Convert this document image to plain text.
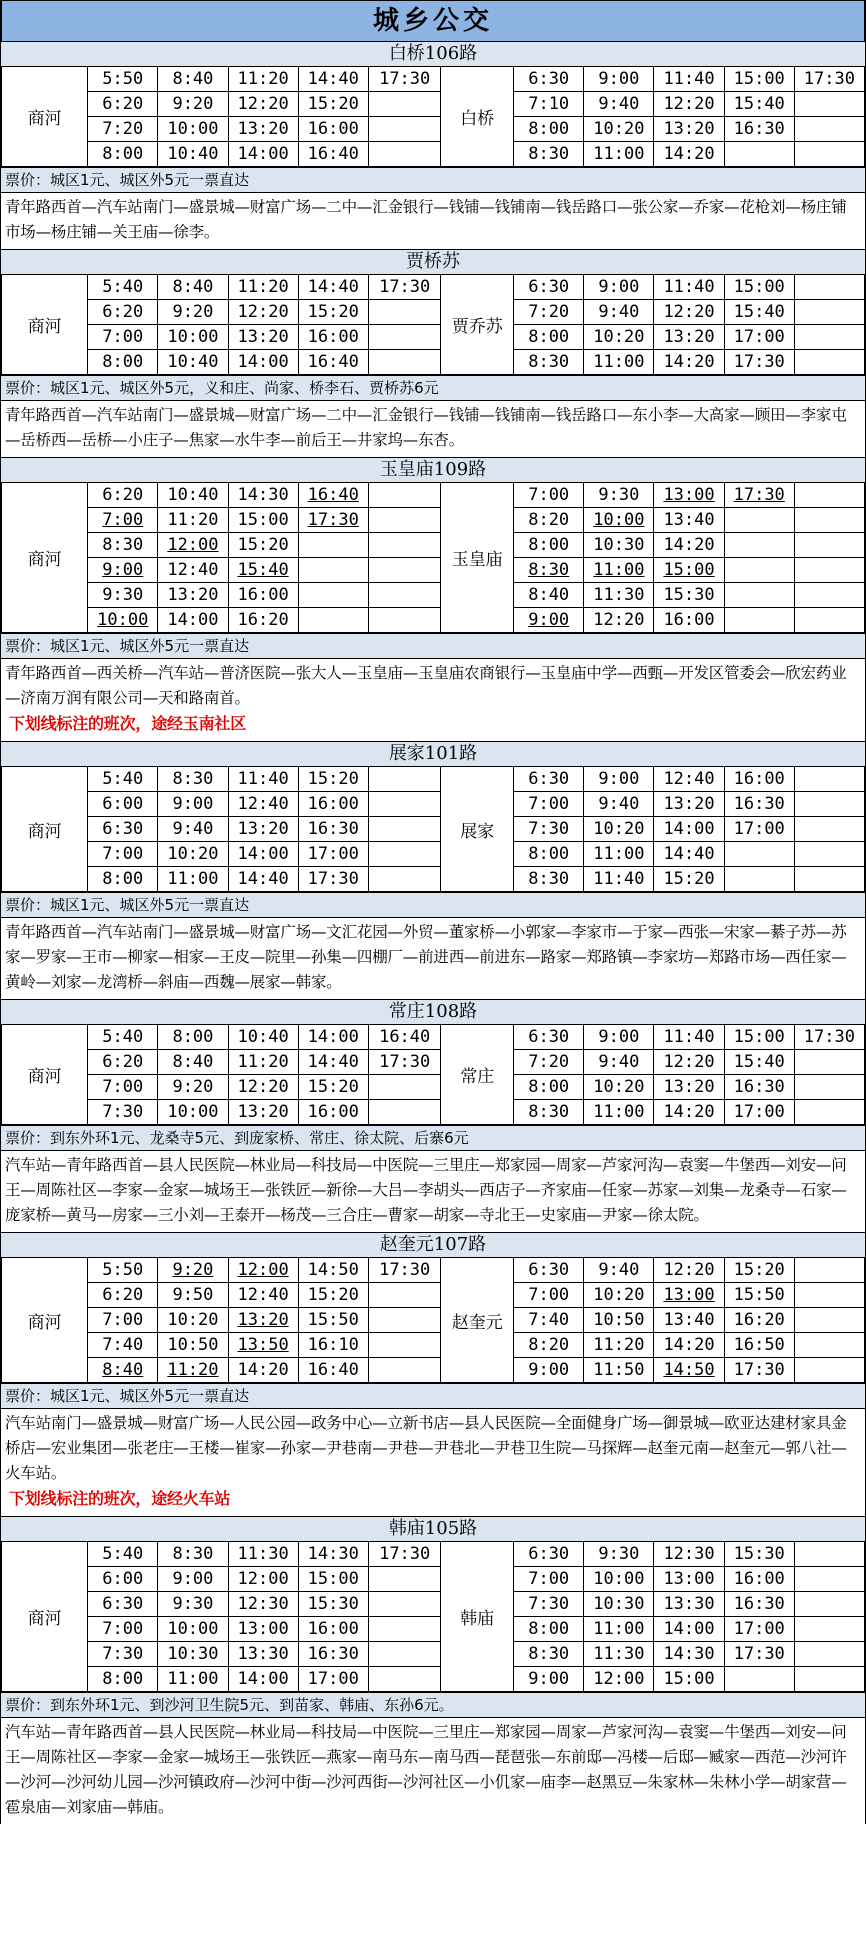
城乡公交
白桥106路
商河	5:50	8:40	11:20	14:40	17:30	白桥	6:30	9:00	11:40	15:00	17:30
	6:20	9:20	12:20	15:20			7:10	9:40	12:20	15:40	
	7:20	10:00	13:20	16:00			8:00	10:20	13:20	16:30	
	8:00	10:40	14:00	16:40			8:30	11:00	14:20		
票价：城区1元、城区外5元一票直达
青年路西首—汽车站南门—盛景城—财富广场—二中—汇金银行—钱铺—钱铺南—钱岳路口—张公家—乔家—花枪刘—杨庄铺市场—杨庄铺—关王庙—徐李。
贾桥苏
商河	5:40	8:40	11:20	14:40	17:30	贾乔苏	6:30	9:00	11:40	15:00	
	6:20	9:20	12:20	15:20			7:20	9:40	12:20	15:40	
	7:00	10:00	13:20	16:00			8:00	10:20	13:20	17:00	
	8:00	10:40	14:00	16:40			8:30	11:00	14:20	17:30	
票价：城区1元、城区外5元，义和庄、尚家、桥李石、贾桥苏6元
青年路西首—汽车站南门—盛景城—财富广场—二中—汇金银行—钱铺—钱铺南—钱岳路口—东小李—大高家—顾田—李家屯—岳桥西—岳桥—小庄子—焦家—水牛李—前后王—井家坞—东杏。
玉皇庙109路
商河	6:20	10:40	14:30	16:40		玉皇庙	7:00	9:30	13:00	17:30	
	7:00	11:20	15:00	17:30			8:20	10:00	13:40		
	8:30	12:00	15:20				8:00	10:30	14:20		
	9:00	12:40	15:40				8:30	11:00	15:00		
	9:30	13:20	16:00				8:40	11:30	15:30		
	10:00	14:00	16:20				9:00	12:20	16:00		
票价：城区1元、城区外5元一票直达
青年路西首—西关桥—汽车站—普济医院—张大人—玉皇庙—玉皇庙农商银行—玉皇庙中学—西甄—开发区管委会—欣宏药业—济南万润有限公司—天和路南首。
下划线标注的班次，途经玉南社区
展家101路
商河	5:40	8:30	11:40	15:20		展家	6:30	9:00	12:40	16:00	
	6:00	9:00	12:40	16:00			7:00	9:40	13:20	16:30	
	6:30	9:40	13:20	16:30			7:30	10:20	14:00	17:00	
	7:00	10:20	14:00	17:00			8:00	11:00	14:40		
	8:00	11:00	14:40	17:30			8:30	11:40	15:20		
票价：城区1元、城区外5元一票直达
青年路西首—汽车站南门—盛景城—财富广场—文汇花园—外贸—董家桥—小郭家—李家市—于家—西张—宋家—綦子苏—苏家—罗家—王市—柳家—相家—王皮—院里—孙集—四棚厂—前进西—前进东—路家—郑路镇—李家坊—郑路市场—西任家—黄岭—刘家—龙湾桥—斜庙—西魏—展家—韩家。
常庄108路
商河	5:40	8:00	10:40	14:00	16:40	常庄	6:30	9:00	11:40	15:00	17:30
	6:20	8:40	11:20	14:40	17:30		7:20	9:40	12:20	15:40	
	7:00	9:20	12:20	15:20			8:00	10:20	13:20	16:30	
	7:30	10:00	13:20	16:00			8:30	11:00	14:20	17:00	
票价：到东外环1元、龙桑寺5元、到庞家桥、常庄、徐太院、后寨6元
汽车站—青年路西首—县人民医院—林业局—科技局—中医院—三里庄—郑家园—周家—芦家河沟—袁窦—牛堡西—刘安—问王—周陈社区—李家—金家—城场王—张铁匠—新徐—大吕—李胡头—西店子—齐家庙—任家—苏家—刘集—龙桑寺—石家—庞家桥—黄马—房家—三小刘—王泰开—杨茂—三合庄—曹家—胡家—寺北王—史家庙—尹家—徐太院。
赵奎元107路
商河	5:50	9:20	12:00	14:50	17:30	赵奎元	6:30	9:40	12:20	15:20	
	6:20	9:50	12:40	15:20			7:00	10:20	13:00	15:50	
	7:00	10:20	13:20	15:50			7:40	10:50	13:40	16:20	
	7:40	10:50	13:50	16:10			8:20	11:20	14:20	16:50	
	8:40	11:20	14:20	16:40			9:00	11:50	14:50	17:30	
票价：城区1元、城区外5元一票直达
汽车站南门—盛景城—财富广场—人民公园—政务中心—立新书店—县人民医院—全面健身广场—御景城—欧亚达建材家具金桥店—宏业集团—张老庄—王楼—崔家—孙家—尹巷南—尹巷—尹巷北—尹巷卫生院—马探辉—赵奎元南—赵奎元—郭八社—火车站。
下划线标注的班次，途经火车站
韩庙105路
商河	5:40	8:30	11:30	14:30	17:30	韩庙	6:30	9:30	12:30	15:30	
	6:00	9:00	12:00	15:00			7:00	10:00	13:00	16:00	
	6:30	9:30	12:30	15:30			7:30	10:30	13:30	16:30	
	7:00	10:00	13:00	16:00			8:00	11:00	14:00	17:00	
	7:30	10:30	13:30	16:30			8:30	11:30	14:30	17:30	
	8:00	11:00	14:00	17:00			9:00	12:00	15:00		
票价：到东外环1元、到沙河卫生院5元、到苗家、韩庙、东孙6元。
汽车站—青年路西首—县人民医院—林业局—科技局—中医院—三里庄—郑家园—周家—芦家河沟—袁窦—牛堡西—刘安—问王—周陈社区—李家—金家—城场王—张铁匠—燕家—南马东—南马西—琵琶张—东前邸—冯楼—后邸—臧家—西范—沙河许—沙河—沙河幼儿园—沙河镇政府—沙河中街—沙河西街—沙河社区—小仉家—庙李—赵黑豆—朱家林—朱林小学—胡家营—雹泉庙—刘家庙—韩庙。
